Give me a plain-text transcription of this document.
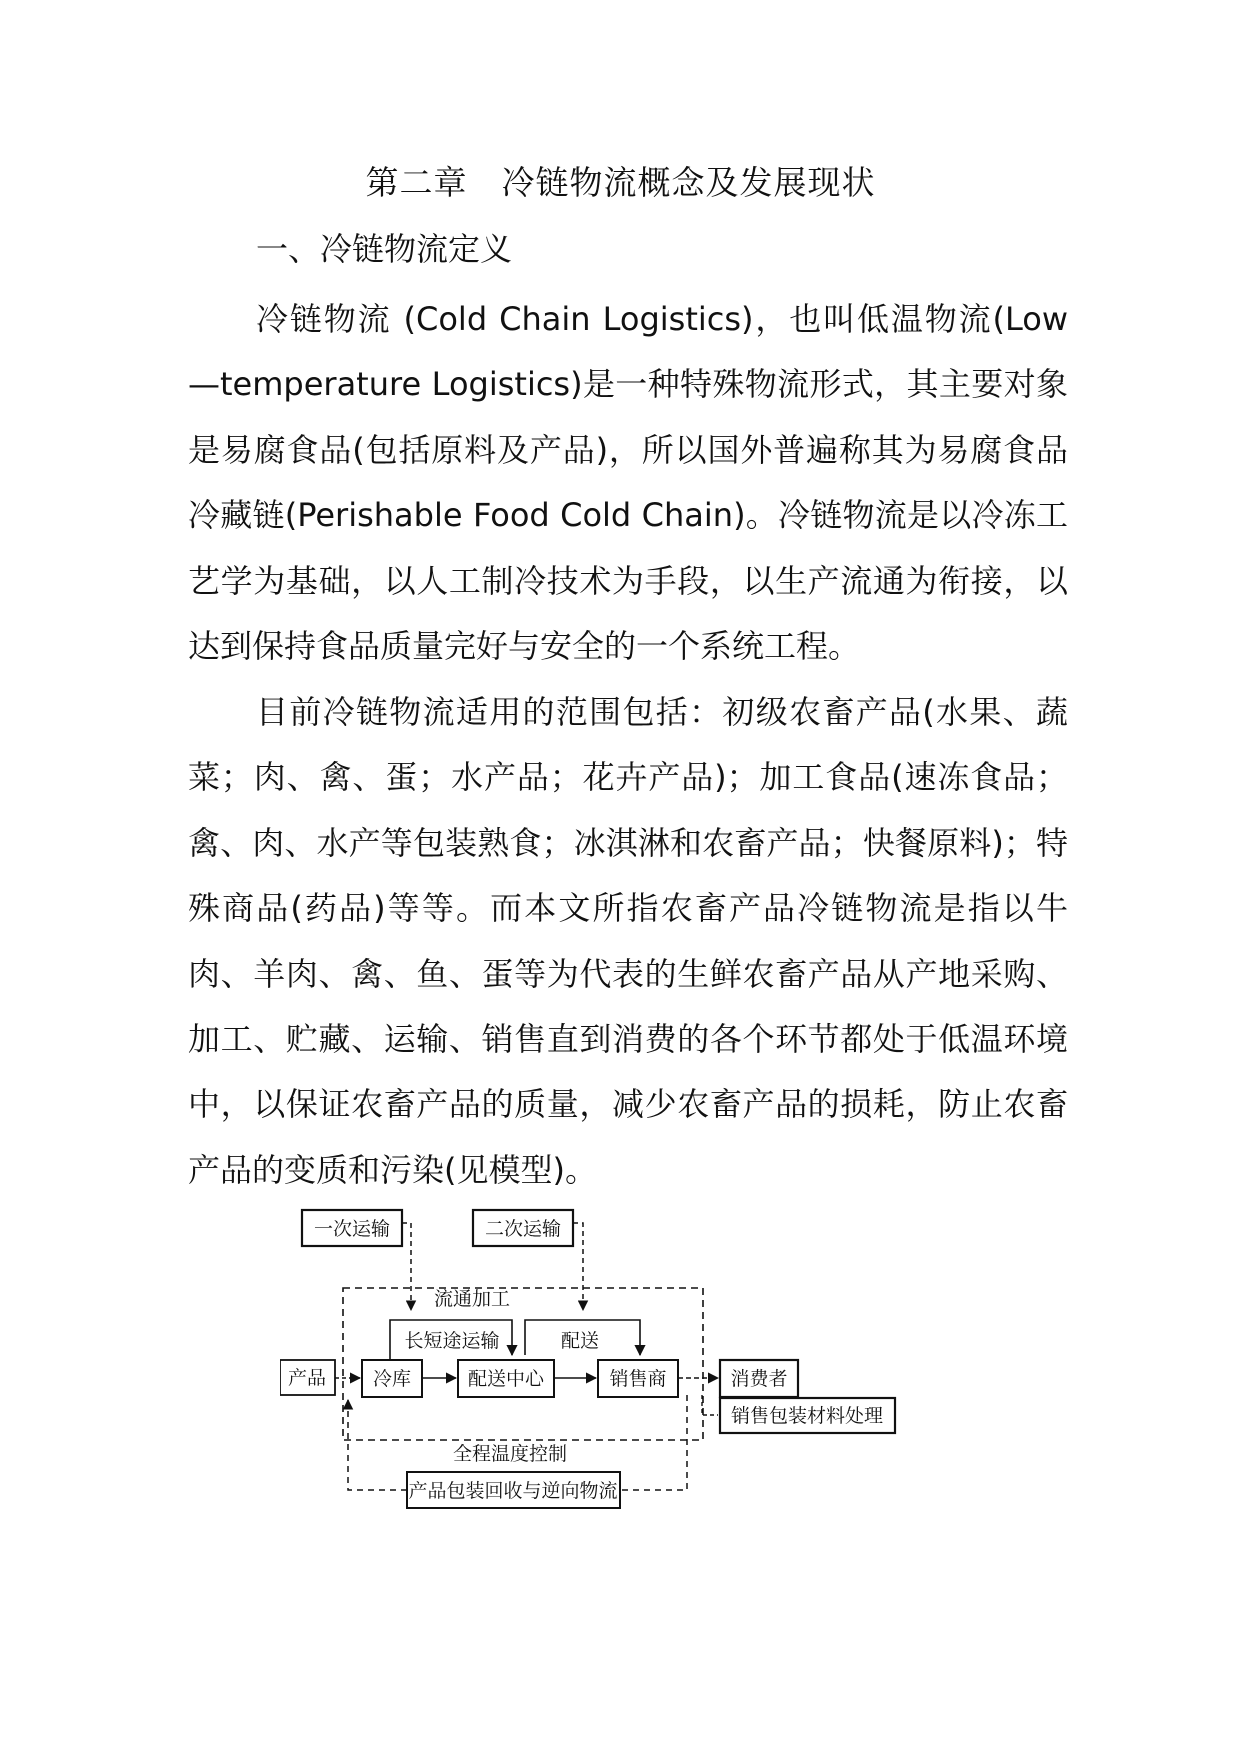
第二章　冷链物流概念及发展现状
一、冷链物流定义

冷链物流 (Cold Chain Logistics)，也叫低温物流(Low—temperature Logistics)是一种特殊物流形式，其主要对象是易腐食品(包括原料及产品)，所以国外普遍称其为易腐食品冷藏链(Perishable Food Cold Chain)。冷链物流是以冷冻工艺学为基础，以人工制冷技术为手段，以生产流通为衔接，以达到保持食品质量完好与安全的一个系统工程。

目前冷链物流适用的范围包括：初级农畜产品(水果、蔬菜；肉、禽、蛋；水产品；花卉产品)；加工食品(速冻食品；禽、肉、水产等包装熟食；冰淇淋和农畜产品；快餐原料)；特殊商品(药品)等等。而本文所指农畜产品冷链物流是指以牛肉、羊肉、禽、鱼、蛋等为代表的生鲜农畜产品从产地采购、加工、贮藏、运输、销售直到消费的各个环节都处于低温环境中，以保证农畜产品的质量，减少农畜产品的损耗，防止农畜产品的变质和污染(见模型)。

一次运输	二次运输
流通加工
长短途运输	配送
产品 冷库	配送中心	销售商	消费者
销售包装材料处理
全程温度控制
产品包装回收与逆向物流
